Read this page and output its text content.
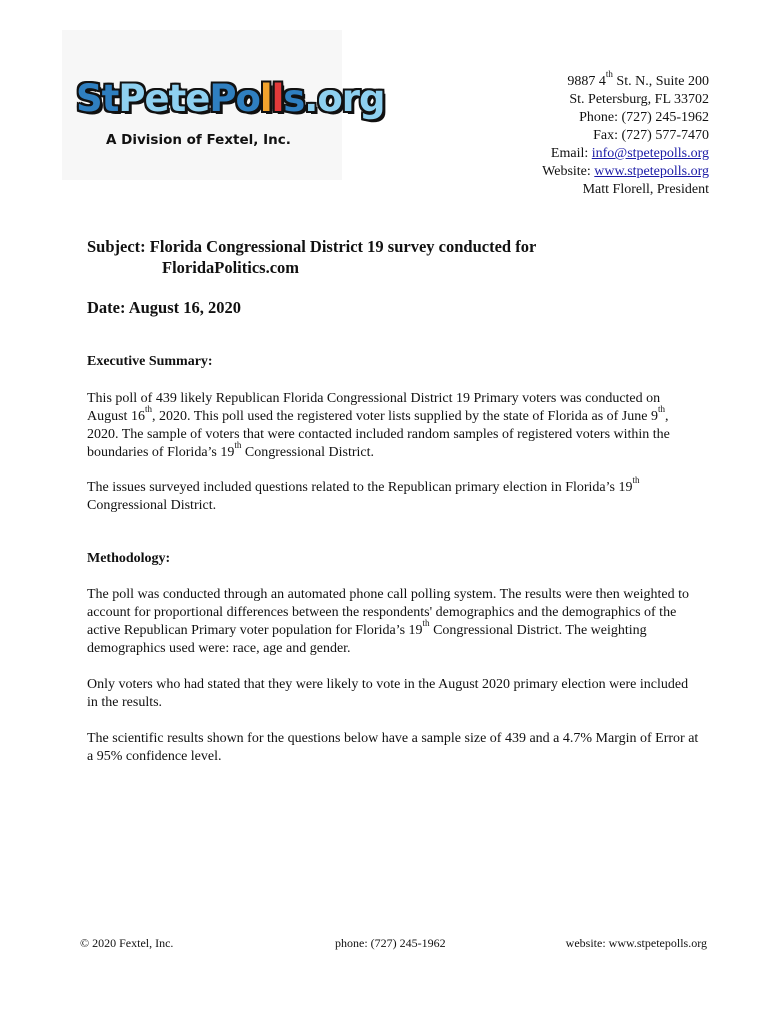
StPetePolls.org
A Division of Fextel, Inc.
9887 4th St. N., Suite 200
St. Petersburg, FL 33702
Phone: (727) 245-1962
Fax: (727) 577-7470
Email: info@stpetepolls.org
Website: www.stpetepolls.org
Matt Florell, President
Subject: Florida Congressional District 19 survey conducted for
FloridaPolitics.com
Date: August 16, 2020
Executive Summary:
This poll of 439 likely Republican Florida Congressional District 19 Primary voters was conducted on August 16th, 2020. This poll used the registered voter lists supplied by the state of Florida as of June 9th, 2020. The sample of voters that were contacted included random samples of registered voters within the boundaries of Florida’s 19th Congressional District.
The issues surveyed included questions related to the Republican primary election in Florida’s 19th Congressional District.
Methodology:
The poll was conducted through an automated phone call polling system. The results were then weighted to account for proportional differences between the respondents' demographics and the demographics of the active Republican Primary voter population for Florida’s 19th Congressional District. The weighting demographics used were: race, age and gender.
Only voters who had stated that they were likely to vote in the August 2020 primary election were included in the results.
The scientific results shown for the questions below have a sample size of 439 and a 4.7% Margin of Error at a 95% confidence level.
© 2020 Fextel, Inc.	phone: (727) 245-1962	website: www.stpetepolls.org
